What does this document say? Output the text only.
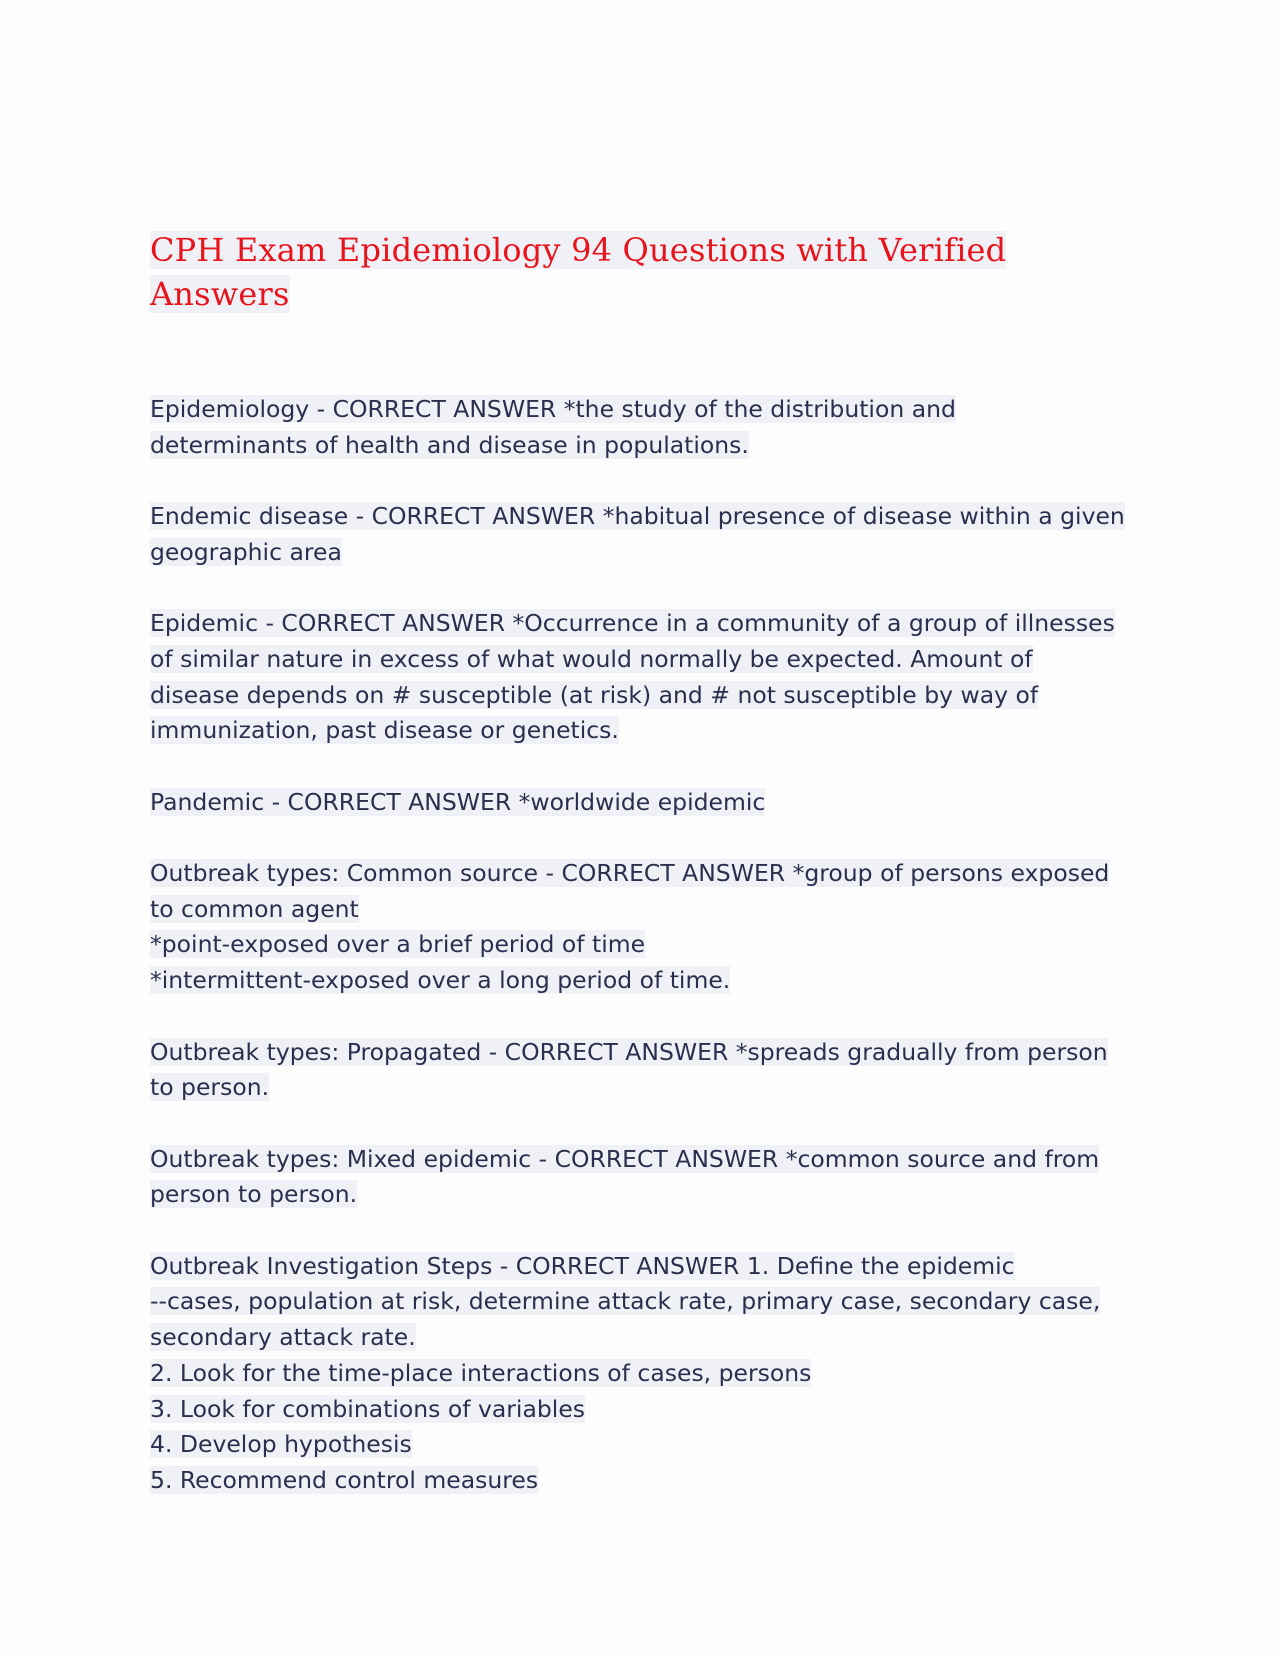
CPH Exam Epidemiology 94 Questions with Verified Answers
Epidemiology - CORRECT ANSWER *the study of the distribution and
determinants of health and disease in populations.
Endemic disease - CORRECT ANSWER *habitual presence of disease within a given
geographic area
Epidemic - CORRECT ANSWER *Occurrence in a community of a group of illnesses
of similar nature in excess of what would normally be expected. Amount of
disease depends on # susceptible (at risk) and # not susceptible by way of
immunization, past disease or genetics.
Pandemic - CORRECT ANSWER *worldwide epidemic
Outbreak types: Common source - CORRECT ANSWER *group of persons exposed
to common agent
*point-exposed over a brief period of time
*intermittent-exposed over a long period of time.
Outbreak types: Propagated - CORRECT ANSWER *spreads gradually from person
to person.
Outbreak types: Mixed epidemic - CORRECT ANSWER *common source and from
person to person.
Outbreak Investigation Steps - CORRECT ANSWER 1. Define the epidemic
--cases, population at risk, determine attack rate, primary case, secondary case,
secondary attack rate.
2. Look for the time-place interactions of cases, persons
3. Look for combinations of variables
4. Develop hypothesis
5. Recommend control measures
